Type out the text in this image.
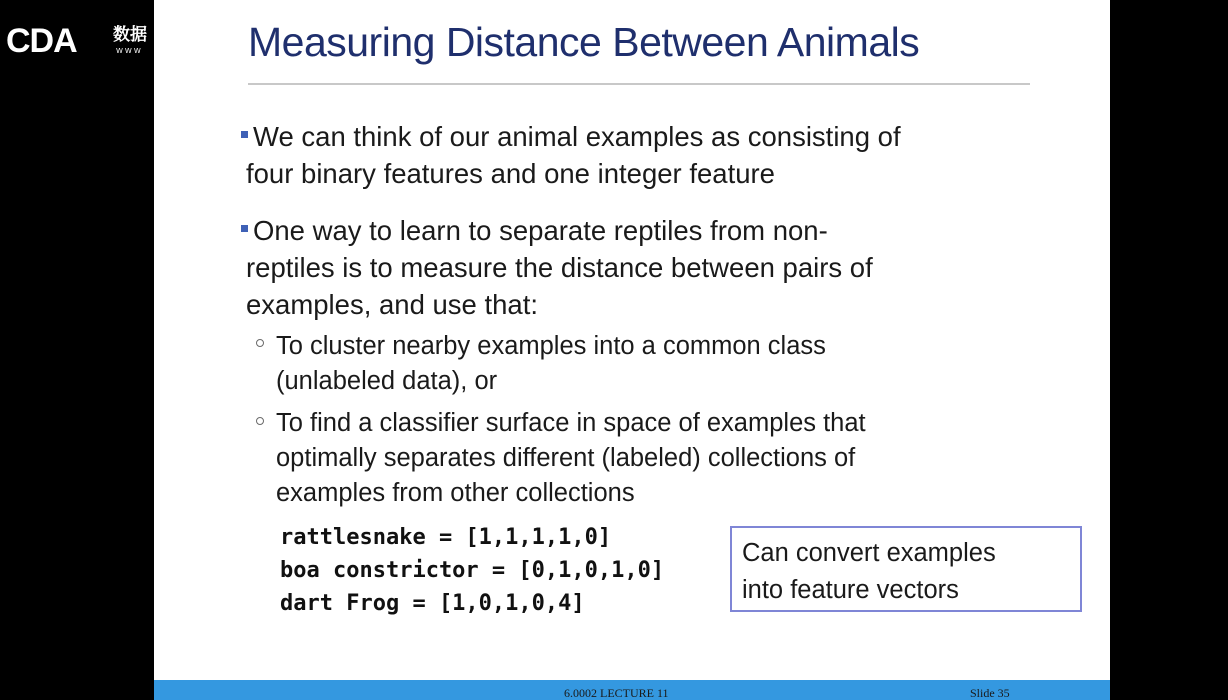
CDA 数据
WWW	Measuring Distance Between Animals
We can think of our animal examples as consisting of
four binary features and one integer feature
One way to learn to separate reptiles from non-
reptiles is to measure the distance between pairs of
examples, and use that:
To cluster nearby examples into a common class
(unlabeled data), or
To find a classifier surface in space of examples that
optimally separates different (labeled) collections of
examples from other collections
rattlesnake = [1,1,1,1,0]
boa constrictor = [0,1,0,1,0]
dart Frog = [1,0,1,0,4]
Can convert examples
into feature vectors
6.0002 LECTURE 11	Slide 35
